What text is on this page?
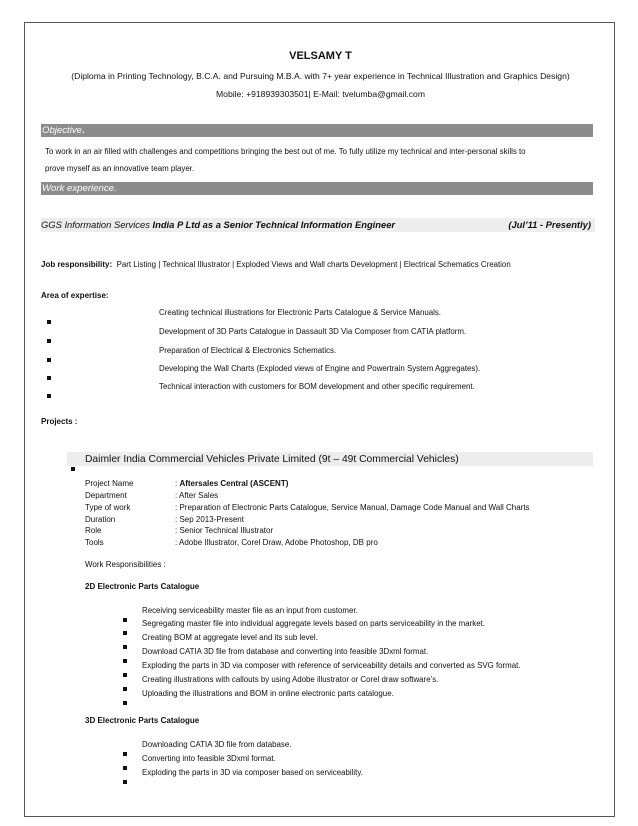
VELSAMY T
(Diploma in Printing Technology, B.C.A. and Pursuing M.B.A. with 7+ year experience in Technical Illustration and Graphics Design)
Mobile: +918939303501| E-Mail: tvelumba@gmail.com
Objective.
To work in an air filled with challenges and competitions bringing the best out of me. To fully utilize my technical and inter-personal skills to
prove myself as an innovative team player.
Work experience.
GGS Information Services India P Ltd as a Senior Technical Information Engineer	(Jul’11 - Presently)
Job responsibility: Part Listing | Technical Illustrator | Exploded Views and Wall charts Development | Electrical Schematics Creation
Area of expertise:
Creating technical illustrations for Electronic Parts Catalogue & Service Manuals.
Development of 3D Parts Catalogue in Dassault 3D Via Composer from CATIA platform.
Preparation of Electrical & Electronics Schematics.
Developing the Wall Charts (Exploded views of Engine and Powertrain System Aggregates).
Technical interaction with customers for BOM development and other specific requirement.
Projects :
Daimler India Commercial Vehicles Private Limited (9t – 49t Commercial Vehicles)
Project Name	: Aftersales Central (ASCENT)
Department	: After Sales
Type of work	: Preparation of Electronic Parts Catalogue, Service Manual, Damage Code Manual and Wall Charts
Duration	: Sep 2013-Present
Role	: Senior Technical Illustrator
Tools	: Adobe Illustrator, Corel Draw, Adobe Photoshop, DB pro
Work Responsibilities :
2D Electronic Parts Catalogue
Receiving serviceability master file as an input from customer.
Segregating master file into individual aggregate levels based on parts serviceability in the market.
Creating BOM at aggregate level and its sub level.
Download CATIA 3D file from database and converting into feasible 3Dxml format.
Exploding the parts in 3D via composer with reference of serviceability details and converted as SVG format.
Creating illustrations with callouts by using Adobe illustrator or Corel draw software’s.
Uploading the illustrations and BOM in online electronic parts catalogue.
3D Electronic Parts Catalogue
Downloading CATIA 3D file from database.
Converting into feasible 3Dxml format.
Exploding the parts in 3D via composer based on serviceability.
